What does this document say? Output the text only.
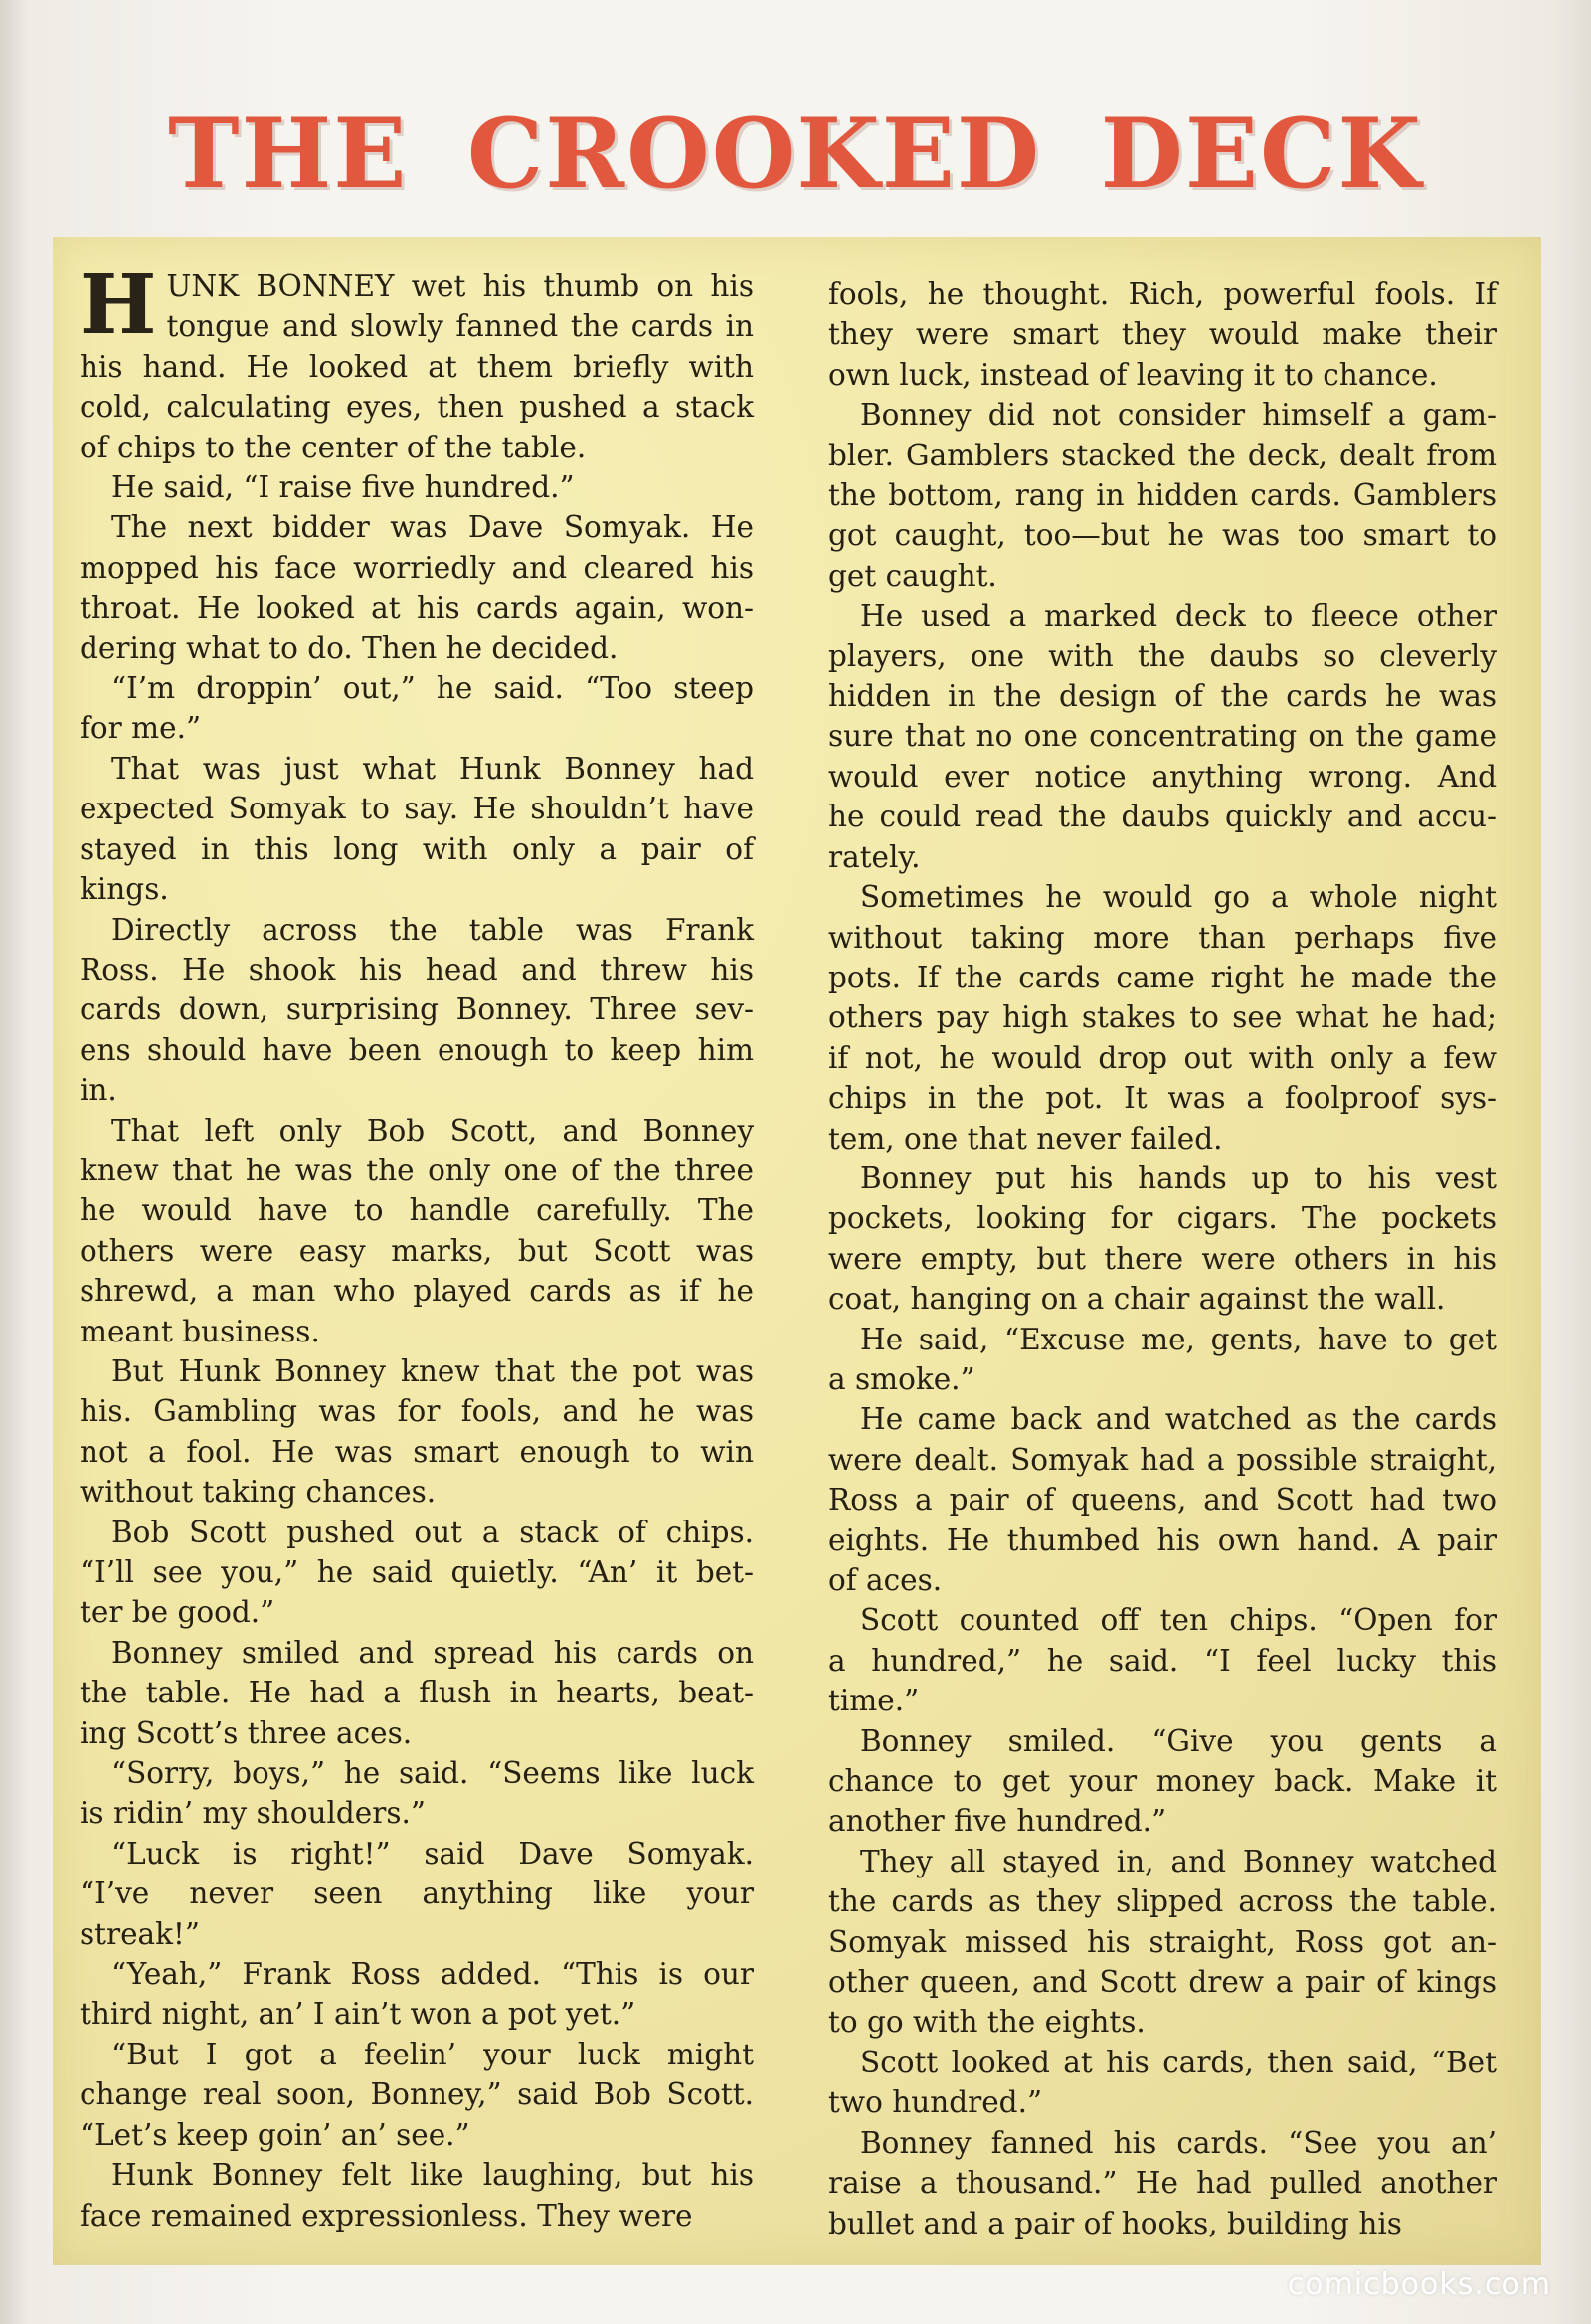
THE CROOKED DECK
H UNK BONNEY wet his thumb on his
tongue and slowly fanned the cards in
his hand. He looked at them briefly with
cold, calculating eyes, then pushed a stack
of chips to the center of the table.
He said, “I raise five hundred.”
The next bidder was Dave Somyak. He
mopped his face worriedly and cleared his
throat. He looked at his cards again, won-
dering what to do. Then he decided.
“I’m droppin’ out,” he said. “Too steep
for me.”
That was just what Hunk Bonney had
expected Somyak to say. He shouldn’t have
stayed in this long with only a pair of
kings.
Directly across the table was Frank
Ross. He shook his head and threw his
cards down, surprising Bonney. Three sev-
ens should have been enough to keep him
in.
That left only Bob Scott, and Bonney
knew that he was the only one of the three
he would have to handle carefully. The
others were easy marks, but Scott was
shrewd, a man who played cards as if he
meant business.
But Hunk Bonney knew that the pot was
his. Gambling was for fools, and he was
not a fool. He was smart enough to win
without taking chances.
Bob Scott pushed out a stack of chips.
“I’ll see you,” he said quietly. “An’ it bet-
ter be good.”
Bonney smiled and spread his cards on
the table. He had a flush in hearts, beat-
ing Scott’s three aces.
“Sorry, boys,” he said. “Seems like luck
is ridin’ my shoulders.”
“Luck is right!” said Dave Somyak.
“I’ve never seen anything like your
streak!”
“Yeah,” Frank Ross added. “This is our
third night, an’ I ain’t won a pot yet.”
“But I got a feelin’ your luck might
change real soon, Bonney,” said Bob Scott.
“Let’s keep goin’ an’ see.”
Hunk Bonney felt like laughing, but his
face remained expressionless. They were
fools, he thought. Rich, powerful fools. If
they were smart they would make their
own luck, instead of leaving it to chance.
Bonney did not consider himself a gam-
bler. Gamblers stacked the deck, dealt from
the bottom, rang in hidden cards. Gamblers
got caught, too—but he was too smart to
get caught.
He used a marked deck to fleece other
players, one with the daubs so cleverly
hidden in the design of the cards he was
sure that no one concentrating on the game
would ever notice anything wrong. And
he could read the daubs quickly and accu-
rately.
Sometimes he would go a whole night
without taking more than perhaps five
pots. If the cards came right he made the
others pay high stakes to see what he had;
if not, he would drop out with only a few
chips in the pot. It was a foolproof sys-
tem, one that never failed.
Bonney put his hands up to his vest
pockets, looking for cigars. The pockets
were empty, but there were others in his
coat, hanging on a chair against the wall.
He said, “Excuse me, gents, have to get
a smoke.”
He came back and watched as the cards
were dealt. Somyak had a possible straight,
Ross a pair of queens, and Scott had two
eights. He thumbed his own hand. A pair
of aces.
Scott counted off ten chips. “Open for
a hundred,” he said. “I feel lucky this
time.”
Bonney smiled. “Give you gents a
chance to get your money back. Make it
another five hundred.”
They all stayed in, and Bonney watched
the cards as they slipped across the table.
Somyak missed his straight, Ross got an-
other queen, and Scott drew a pair of kings
to go with the eights.
Scott looked at his cards, then said, “Bet
two hundred.”
Bonney fanned his cards. “See you an’
raise a thousand.” He had pulled another
bullet and a pair of hooks, building his
comicbooks.com
